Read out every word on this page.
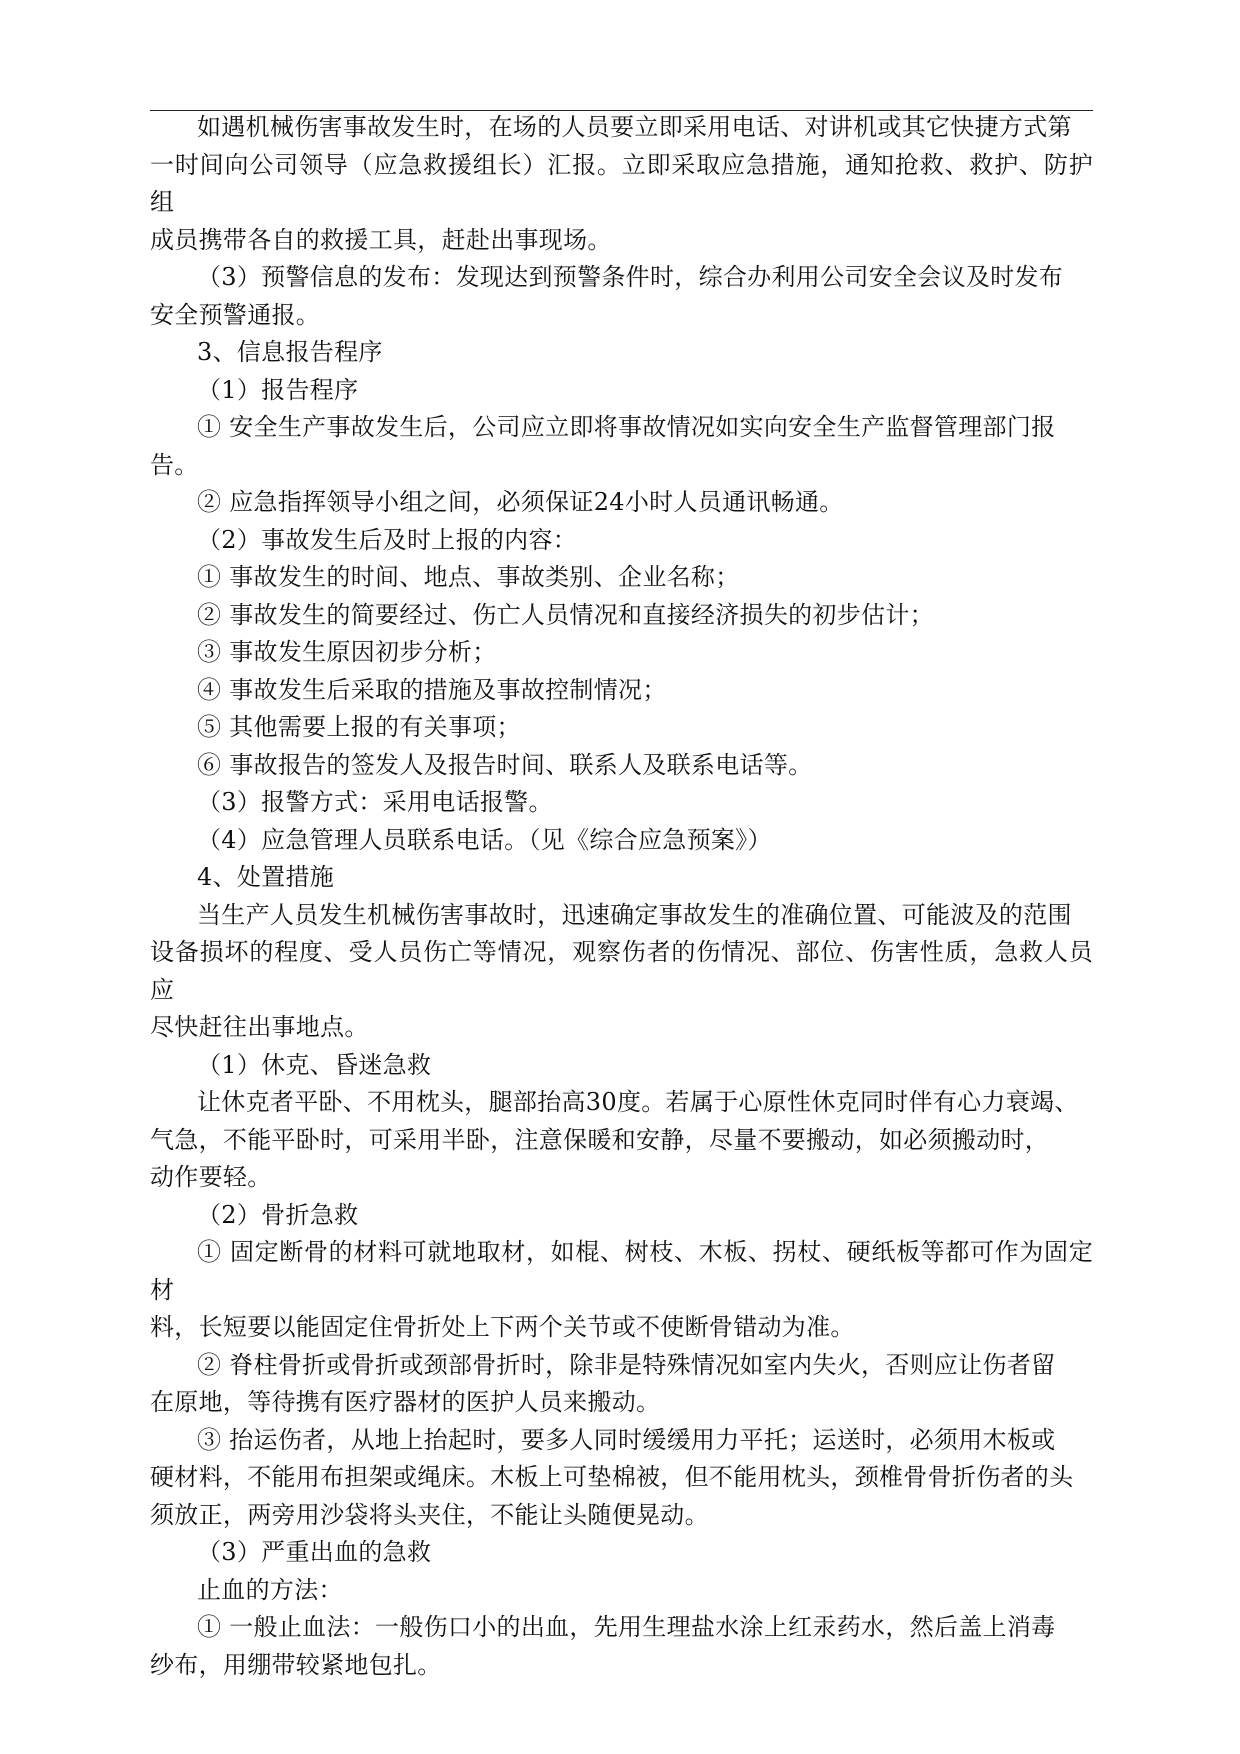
如遇机械伤害事故发生时，在场的人员要立即采用电话、对讲机或其它快捷方式第

一时间向公司领导（应急救援组长）汇报。立即采取应急措施，通知抢救、救护、防护组

成员携带各自的救援工具，赶赴出事现场。

（3）预警信息的发布：发现达到预警条件时，综合办利用公司安全会议及时发布

安全预警通报。

3、信息报告程序

（1）报告程序

① 安全生产事故发生后，公司应立即将事故情况如实向安全生产监督管理部门报

告。

② 应急指挥领导小组之间，必须保证24小时人员通讯畅通。

（2）事故发生后及时上报的内容：

① 事故发生的时间、地点、事故类别、企业名称；

② 事故发生的简要经过、伤亡人员情况和直接经济损失的初步估计；

③ 事故发生原因初步分析；

④ 事故发生后采取的措施及事故控制情况；

⑤ 其他需要上报的有关事项；

⑥ 事故报告的签发人及报告时间、联系人及联系电话等。

（3）报警方式：采用电话报警。

（4）应急管理人员联系电话。（见《综合应急预案》）

4、处置措施

当生产人员发生机械伤害事故时，迅速确定事故发生的准确位置、可能波及的范围

设备损坏的程度、受人员伤亡等情况，观察伤者的伤情况、部位、伤害性质，急救人员应

尽快赶往出事地点。

（1）休克、昏迷急救

让休克者平卧、不用枕头，腿部抬高30度。若属于心原性休克同时伴有心力衰竭、

气急，不能平卧时，可采用半卧，注意保暖和安静，尽量不要搬动，如必须搬动时，

动作要轻。

（2）骨折急救

① 固定断骨的材料可就地取材，如棍、树枝、木板、拐杖、硬纸板等都可作为固定材

料，长短要以能固定住骨折处上下两个关节或不使断骨错动为准。

② 脊柱骨折或骨折或颈部骨折时，除非是特殊情况如室内失火，否则应让伤者留

在原地，等待携有医疗器材的医护人员来搬动。

③ 抬运伤者，从地上抬起时，要多人同时缓缓用力平托；运送时，必须用木板或

硬材料，不能用布担架或绳床。木板上可垫棉被，但不能用枕头，颈椎骨骨折伤者的头

须放正，两旁用沙袋将头夹住，不能让头随便晃动。

（3）严重出血的急救

止血的方法：

① 一般止血法：一般伤口小的出血，先用生理盐水涂上红汞药水，然后盖上消毒

纱布，用绷带较紧地包扎。
